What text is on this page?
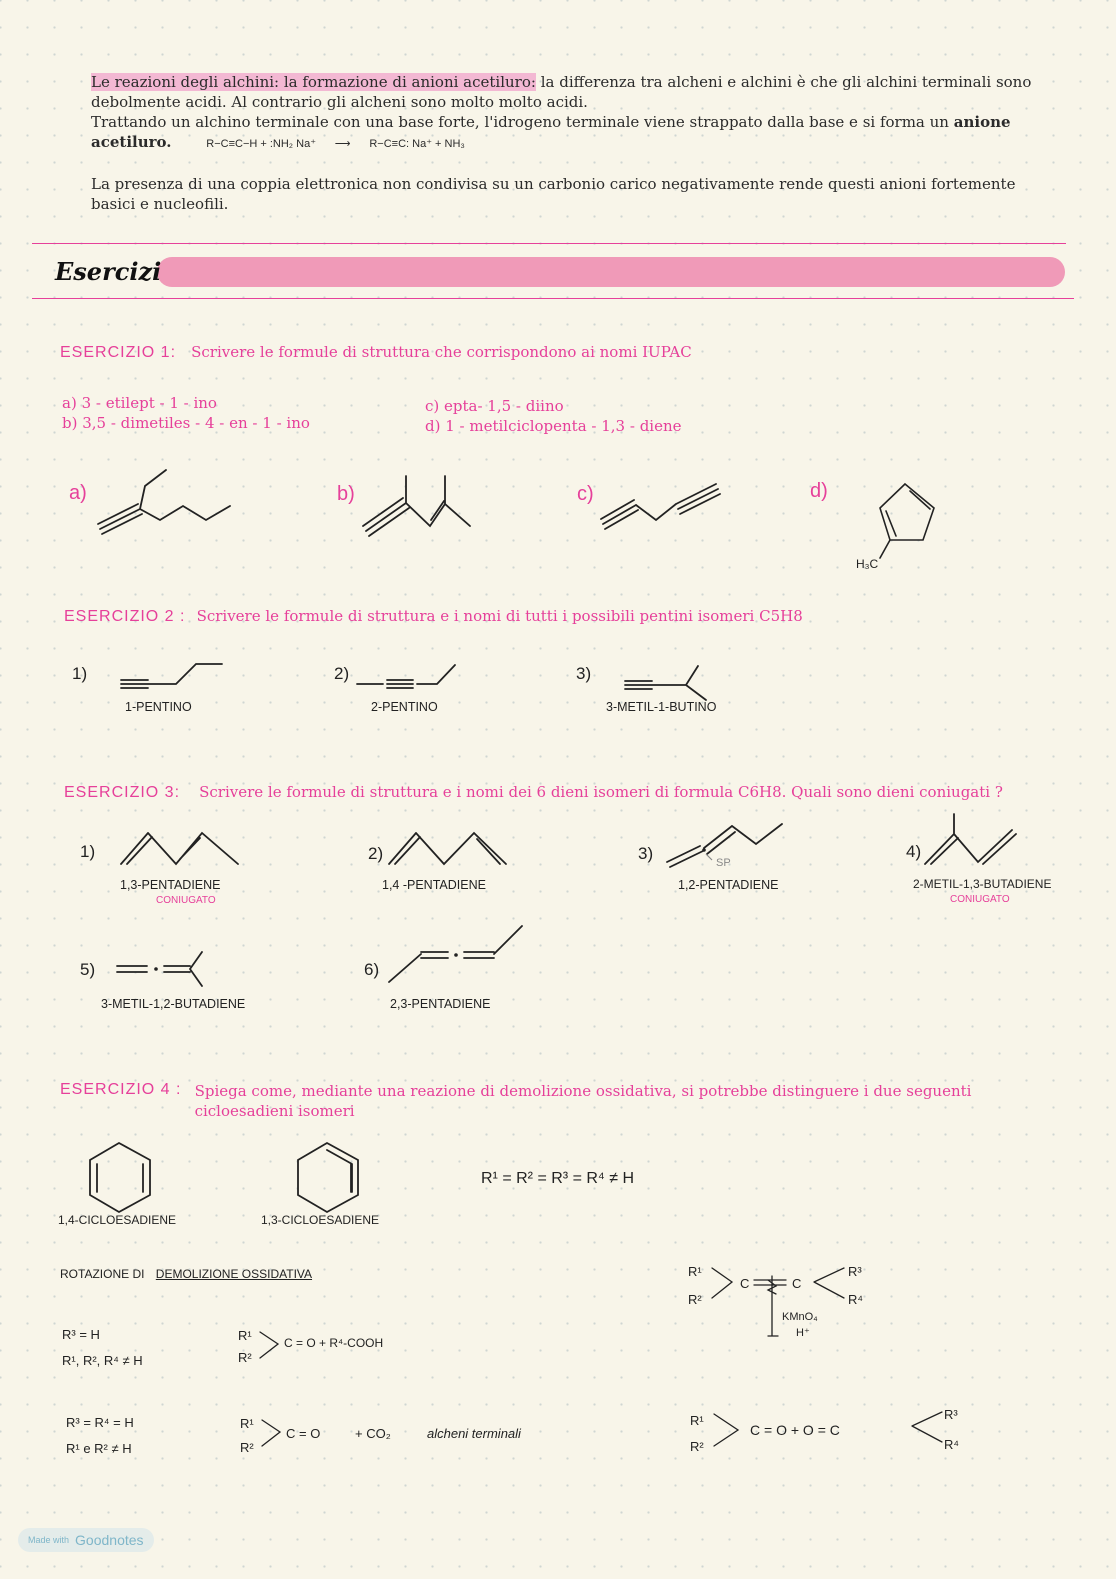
Le reazioni degli alchini: la formazione di anioni acetiluro: la differenza tra alcheni e alchini è che gli alchini terminali sono debolmente acidi. Al contrario gli alcheni sono molto molto acidi.

Trattando un alchino terminale con una base forte, l'idrogeno terminale viene strappato dalla base e si forma un anione acetiluro.	R−C≡C−H + :NH₂ Na⁺ ⟶ R−C≡C: Na⁺ + NH₃

La presenza di una coppia elettronica non condivisa su un carbonio carico negativamente rende questi anioni fortemente basici e nucleofili.

Esercizi
ESERCIZIO 1: Scrivere le formule di struttura che corrispondono ai nomi IUPAC
a) 3 - etilept - 1 - ino
b) 3,5 - dimetiles - 4 - en - 1 - ino
c) epta- 1,5 - diino
d) 1 - metilciclopenta - 1,3 - diene
a)	b)	c)	d)
H₃C
ESERCIZIO 2 : Scrivere le formule di struttura e i nomi di tutti i possibili pentini isomeri C5H8
1)
1-PENTINO
2)
2-PENTINO
3)
3-METIL-1-BUTINO
ESERCIZIO 3: Scrivere le formule di struttura e i nomi dei 6 dieni isomeri di formula C6H8. Quali sono dieni coniugati ?
1)
1,3-PENTADIENE
CONIUGATO
2)
1,4 -PENTADIENE
3)	SP
1,2-PENTADIENE
4)
2-METIL-1,3-BUTADIENE
CONIUGATO
5)
3-METIL-1,2-BUTADIENE
6)
2,3-PENTADIENE
ESERCIZIO 4 : Spiega come, mediante una reazione di demolizione ossidativa, si potrebbe distinguere i due seguenti cicloesadieni isomeri
1,4-CICLOESADIENE	1,3-CICLOESADIENE
R¹ = R² = R³ = R⁴ ≠ H
ROTAZIONE DI DEMOLIZIONE OSSIDATIVA	R¹
R²
C	C
R³
R⁴
KMnO₄
H⁺
R³ = H
R¹, R², R⁴ ≠ H
R¹
R²
C = O + R⁴-COOH
R³ = R⁴ = H
R¹ e R² ≠ H
R¹
R²
C = O	+ CO₂	alcheni terminali
R¹
R²
C = O + O = C
R³
R⁴
Made with Goodnotes
